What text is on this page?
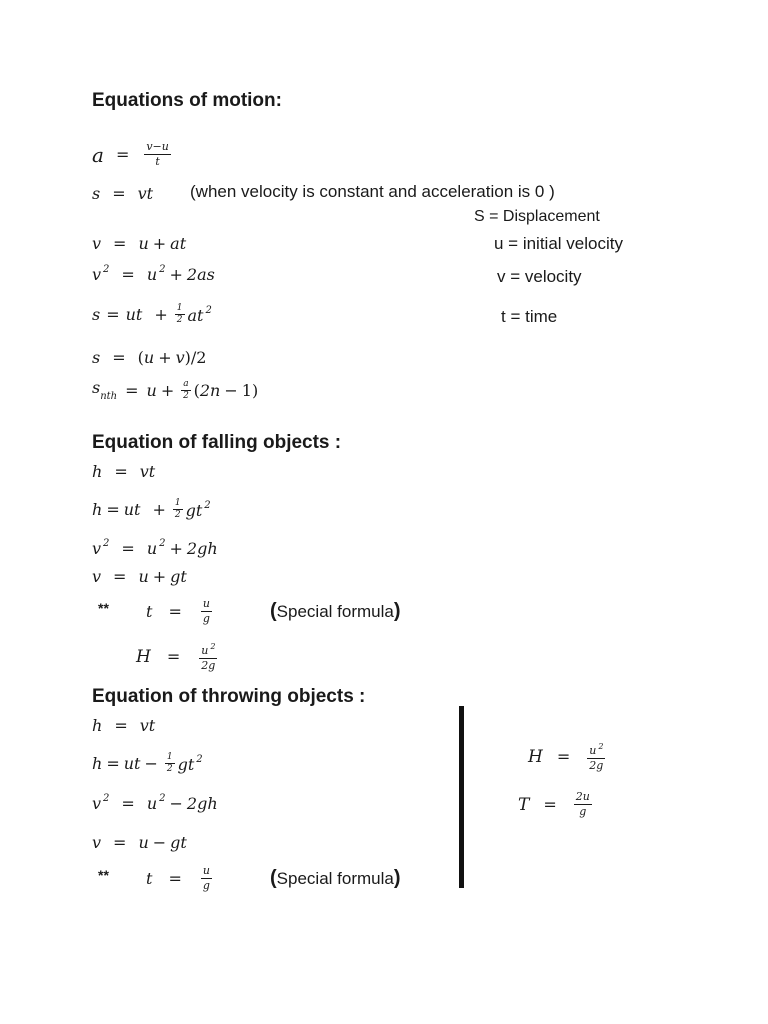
Equations of motion:
$a = \frac{v-u}{t}$
s = vt (when velocity is constant and acceleration is 0 )
S = Displacement
v = u + at	u = initial velocity
v $^2$ = u $^2$ + 2as	v = velocity
s = ut + $\frac{1}{2}$ at $^2$	t = time
s = ( u + v )/2
$s_{nth} = u + \frac{a}{2}$ ( 2n − 1)
Equation of falling objects :
h = vt
h = ut + $\frac{1}{2}$ gt $^2$
v $^2$ = u $^2$ + 2gh
v = u + gt
** $t = \frac{u}{g}$	(Special formula)
$H = \frac{u ^2}{2g}$
Equation of throwing objects :
h = vt
h = ut − $\frac{1}{2}$ gt $^2$
v $^2$ = u $^2$ − 2gh
v = u − gt
** $t = \frac{u}{g}$	(Special formula)
$H = \frac{u ^2}{2g}$
$T = \frac{2u}{g}$
